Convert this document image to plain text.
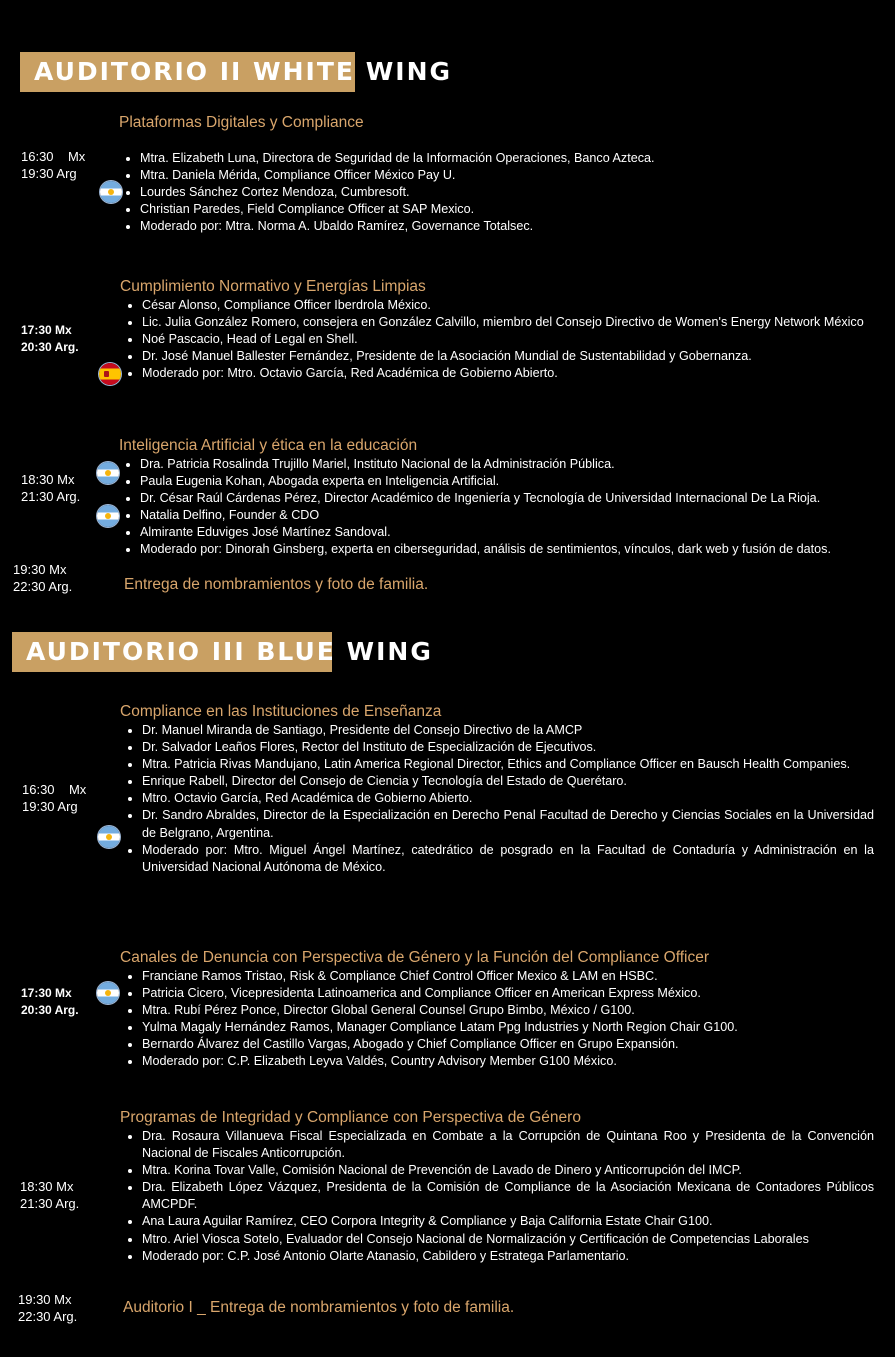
AUDITORIO II WHITE WING
Plataformas Digitales y Compliance
16:30    Mx
19:30 Arg
• Mtra. Elizabeth Luna, Directora de Seguridad de la Información Operaciones, Banco Azteca.
• Mtra. Daniela Mérida, Compliance Officer México Pay U.
• Lourdes Sánchez Cortez Mendoza, Cumbresoft.
• Christian Paredes, Field Compliance Officer at SAP Mexico.
• Moderado por: Mtra. Norma A. Ubaldo Ramírez, Governance Totalsec.
Cumplimiento Normativo y Energías Limpias
17:30 Mx
20:30 Arg.
• César Alonso, Compliance Officer Iberdrola México.
• Lic. Julia González Romero, consejera en González Calvillo, miembro del Consejo Directivo de Women's Energy Network México
• Noé Pascacio, Head of Legal en Shell.
• Dr. José Manuel Ballester Fernández, Presidente de la Asociación Mundial de Sustentabilidad y Gobernanza.
• Moderado por: Mtro. Octavio García, Red Académica de Gobierno Abierto.
Inteligencia Artificial y ética en la educación
18:30 Mx
21:30 Arg.
• Dra. Patricia Rosalinda Trujillo Mariel, Instituto Nacional de la Administración Pública.
• Paula Eugenia Kohan, Abogada experta en Inteligencia Artificial.
• Dr. César Raúl Cárdenas Pérez, Director Académico de Ingeniería y Tecnología de Universidad Internacional De La Rioja.
• Natalia Delfino, Founder & CDO
• Almirante Eduviges José Martínez Sandoval.
• Moderado por: Dinorah Ginsberg, experta en ciberseguridad, análisis de sentimientos, vínculos, dark web y fusión de datos.
19:30 Mx
22:30 Arg.	Entrega de nombramientos y foto de familia.
AUDITORIO III BLUE WING
Compliance en las Instituciones de Enseñanza
16:30    Mx
19:30 Arg
• Dr. Manuel Miranda de Santiago, Presidente del Consejo Directivo de la AMCP
• Dr. Salvador Leaños Flores, Rector del Instituto de Especialización de Ejecutivos.
• Mtra. Patricia Rivas Mandujano, Latin America Regional Director, Ethics and Compliance Officer en Bausch Health Companies.
• Enrique Rabell, Director del Consejo de Ciencia y Tecnología del Estado de Querétaro.
• Mtro. Octavio García, Red Académica de Gobierno Abierto.
• Dr. Sandro Abraldes, Director de la Especialización en Derecho Penal Facultad de Derecho y Ciencias Sociales en la Universidad de Belgrano, Argentina.
• Moderado por: Mtro. Miguel Ángel Martínez, catedrático de posgrado en la Facultad de Contaduría y Administración en la Universidad Nacional Autónoma de México.
Canales de Denuncia con Perspectiva de Género y la Función del Compliance Officer
17:30 Mx
20:30 Arg.
• Franciane Ramos Tristao, Risk & Compliance Chief Control Officer Mexico & LAM en HSBC.
• Patricia Cicero, Vicepresidenta Latinoamerica and Compliance Officer en American Express México.
• Mtra. Rubí Pérez Ponce, Director Global General Counsel Grupo Bimbo, México / G100.
• Yulma Magaly Hernández Ramos, Manager Compliance Latam Ppg Industries y North Region Chair G100.
• Bernardo Álvarez del Castillo Vargas, Abogado y Chief Compliance Officer en Grupo Expansión.
• Moderado por: C.P. Elizabeth Leyva Valdés, Country Advisory Member G100 México.
Programas de Integridad y Compliance con Perspectiva de Género
18:30 Mx
21:30 Arg.
• Dra. Rosaura Villanueva Fiscal Especializada en Combate a la Corrupción de Quintana Roo y Presidenta de la Convención Nacional de Fiscales Anticorrupción.
• Mtra. Korina Tovar Valle, Comisión Nacional de Prevención de Lavado de Dinero y Anticorrupción del IMCP.
• Dra. Elizabeth López Vázquez, Presidenta de la Comisión de Compliance de la Asociación Mexicana de Contadores Públicos AMCPDF.
• Ana Laura Aguilar Ramírez, CEO Corpora Integrity & Compliance y Baja California Estate Chair G100.
• Mtro. Ariel Viosca Sotelo, Evaluador del Consejo Nacional de Normalización y Certificación de Competencias Laborales
• Moderado por: C.P. José Antonio Olarte Atanasio, Cabildero y Estratega Parlamentario.
19:30 Mx
22:30 Arg.
Auditorio I _ Entrega de nombramientos y foto de familia.
